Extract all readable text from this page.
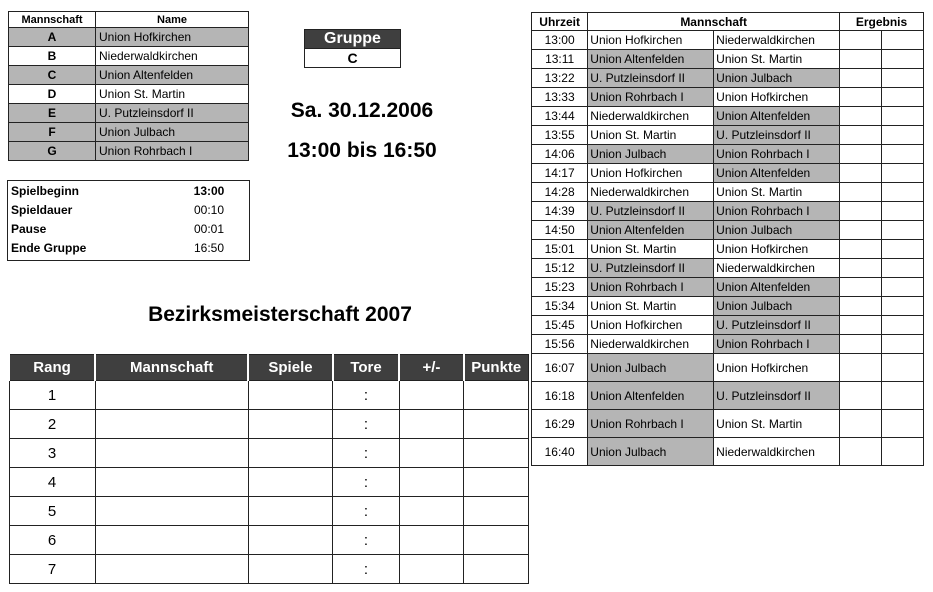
Mannschaft	Name
A	Union Hofkirchen
B	Niederwaldkirchen
C	Union Altenfelden
D	Union St. Martin
E	U. Putzleinsdorf II
F	Union Julbach
G	Union Rohrbach I
Gruppe
C
Sa. 30.12.2006
13:00 bis 16:50
Spielbeginn	13:00
Spieldauer	00:10
Pause	00:01
Ende Gruppe	16:50
Bezirksmeisterschaft 2007
Rang	Mannschaft	Spiele	Tore	+/-	Punkte
1			:		
2			:		
3			:		
4			:		
5			:		
6			:		
7			:		
Uhrzeit	Mannschaft		Ergebnis	
13:00	Union Hofkirchen	Niederwaldkirchen		
13:11	Union Altenfelden	Union St. Martin		
13:22	U. Putzleinsdorf II	Union Julbach		
13:33	Union Rohrbach I	Union Hofkirchen		
13:44	Niederwaldkirchen	Union Altenfelden		
13:55	Union St. Martin	U. Putzleinsdorf II		
14:06	Union Julbach	Union Rohrbach I		
14:17	Union Hofkirchen	Union Altenfelden		
14:28	Niederwaldkirchen	Union St. Martin		
14:39	U. Putzleinsdorf II	Union Rohrbach I		
14:50	Union Altenfelden	Union Julbach		
15:01	Union St. Martin	Union Hofkirchen		
15:12	U. Putzleinsdorf II	Niederwaldkirchen		
15:23	Union Rohrbach I	Union Altenfelden		
15:34	Union St. Martin	Union Julbach		
15:45	Union Hofkirchen	U. Putzleinsdorf II		
15:56	Niederwaldkirchen	Union Rohrbach I		
16:07	Union Julbach	Union Hofkirchen		
16:18	Union Altenfelden	U. Putzleinsdorf II		
16:29	Union Rohrbach I	Union St. Martin		
16:40	Union Julbach	Niederwaldkirchen		
